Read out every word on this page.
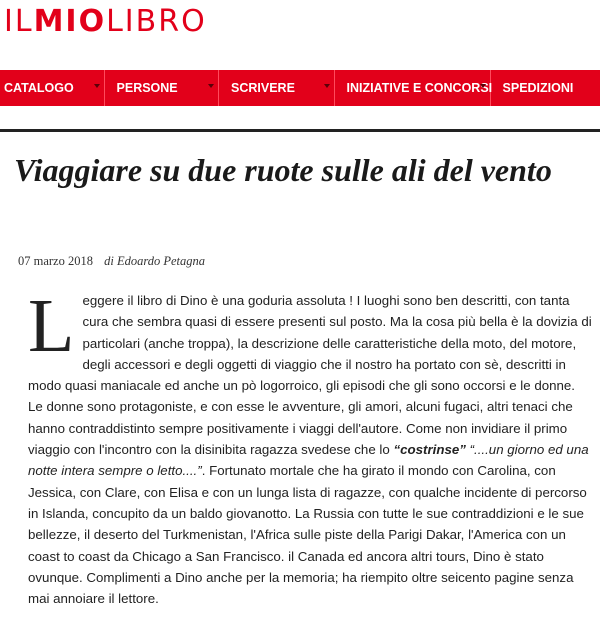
ILMIOLIBRO
CATALOGO	PERSONE	SCRIVERE	INIZIATIVE E CONCORSI SPEDIZIONI
Viaggiare su due ruote sulle ali del vento
07 marzo 2018 di Edoardo Petagna
L eggere il libro di Dino è una goduria assoluta ! I luoghi sono ben descritti, con tanta cura che sembra quasi di essere presenti sul posto. Ma la cosa più bella è la dovizia di particolari (anche troppa), la descrizione delle caratteristiche della moto, del motore, degli accessori e degli oggetti di viaggio che il nostro ha portato con sè, descritti in modo quasi maniacale ed anche un pò logorroico, gli episodi che gli sono occorsi e le donne. Le donne sono protagoniste, e con esse le avventure, gli amori, alcuni fugaci, altri tenaci che hanno contraddistinto sempre positivamente i viaggi dell'autore. Come non invidiare il primo viaggio con l'incontro con la disinibita ragazza svedese che lo “costrinse” “....un giorno ed una notte intera sempre o letto....”. Fortunato mortale che ha girato il mondo con Carolina, con Jessica, con Clare, con Elisa e con un lunga lista di ragazze, con qualche incidente di percorso in Islanda, concupito da un baldo giovanotto. La Russia con tutte le sue contraddizioni e le sue bellezze, il deserto del Turkmenistan, l'Africa sulle piste della Parigi Dakar, l'America con un coast to coast da Chicago a San Francisco. il Canada ed ancora altri tours, Dino è stato ovunque. Complimenti a Dino anche per la memoria; ha riempito oltre seicento pagine senza mai annoiare il lettore.
